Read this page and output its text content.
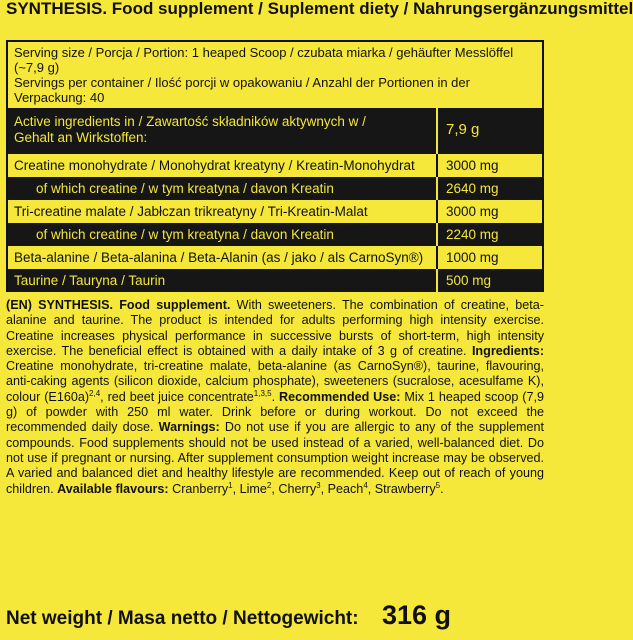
SYNTHESIS. Food supplement / Suplement diety / Nahrungsergänzungsmittel
Serving size / Porcja / Portion: 1 heaped Scoop / czubata miarka / gehäufter Messlöffel (~7,9 g)
Servings per container / Ilość porcji w opakowaniu / Anzahl der Portionen in der
Verpackung: 40
Active ingredients in / Zawartość składników aktywnych w /
Gehalt an Wirkstoffen:	7,9 g
Creatine monohydrate / Monohydrat kreatyny / Kreatin-Monohydrat 3000 mg
of which creatine / w tym kreatyna / davon Kreatin	2640 mg
Tri-creatine malate / Jabłczan trikreatyny / Tri-Kreatin-Malat	3000 mg
of which creatine / w tym kreatyna / davon Kreatin	2240 mg
Beta-alanine / Beta-alanina / Beta-Alanin (as / jako / als CarnoSyn®) 1000 mg
Taurine / Tauryna / Taurin	500 mg
(EN) SYNTHESIS. Food supplement. With sweeteners. The combination of creatine, beta-alanine and taurine. The product is intended for adults performing high intensity exercise. Creatine increases physical performance in successive bursts of short-term, high intensity exercise. The beneficial effect is obtained with a daily intake of 3 g of creatine. Ingredients: Creatine monohydrate, tri-creatine malate, beta-alanine (as CarnoSyn®), taurine, flavouring, anti-caking agents (silicon dioxide, calcium phosphate), sweeteners (sucralose, acesulfame K), colour $(E160a)^{2,4}$, red beet juice concentrate$^{1,3,5}$. Recommended Use: Mix 1 heaped scoop (7,9 g) of powder with 250 ml water. Drink before or during workout. Do not exceed the recommended daily dose. Warnings: Do not use if you are allergic to any of the supplement compounds. Food supplements should not be used instead of a varied, well-balanced diet. Do not use if pregnant or nursing. After supplement consumption weight increase may be observed. A varied and balanced diet and healthy lifestyle are recommended. Keep out of reach of young children. Available flavours: Cranberry$^1$, Lime$^2$, Cherry$^3$, Peach$^4$, Strawberry$^5$.
Net weight / Masa netto / Nettogewicht: 316 g
